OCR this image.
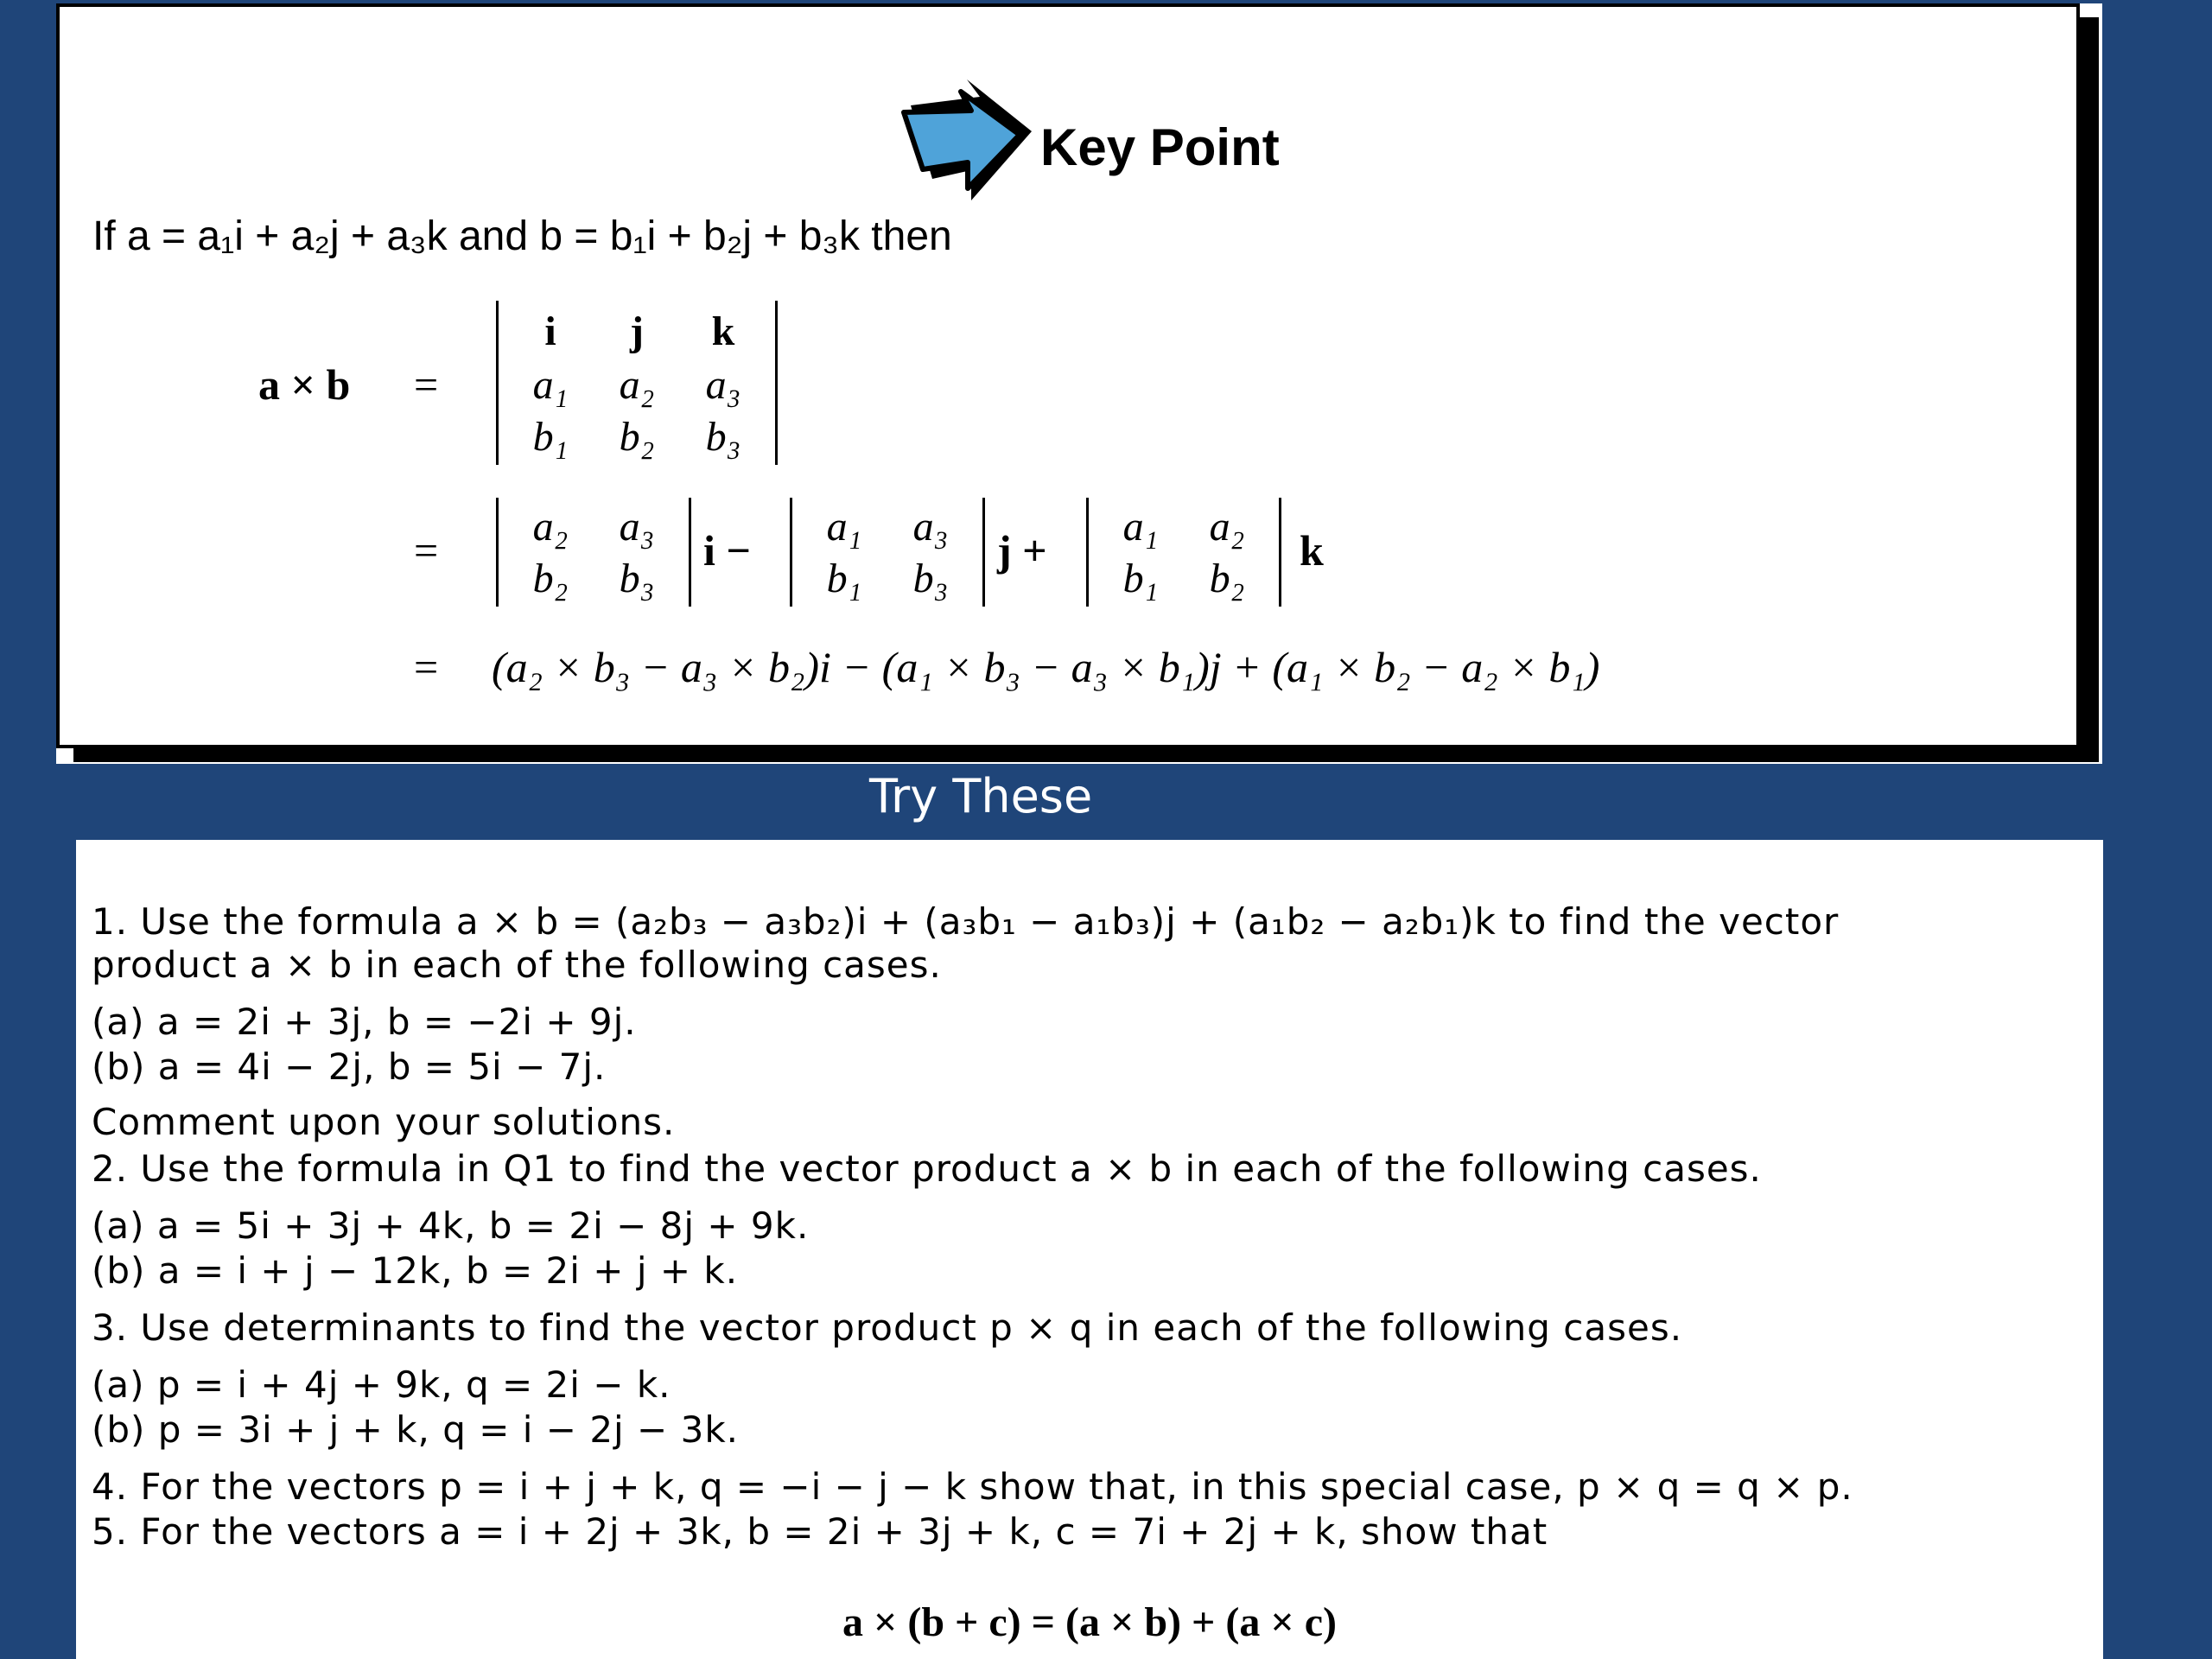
Key Point
If a = a₁i + a₂j + a₃k and b = b₁i + b₂j + b₃k then
a × b =
i	j	k
a₁	a₂	a₃
b₁	b₂	b₃
=	a₂	a₃
b₂	b₃
i −	a₁	a₃
b₁	b₃
j +	a₁	a₂
b₁	b₂
k
= (a₂ × b₃ − a₃ × b₂)i − (a₁ × b₃ − a₃ × b₁)j + (a₁ × b₂ − a₂ × b₁)
Try These
1. Use the formula a × b = (a₂b₃ − a₃b₂)i + (a₃b₁ − a₁b₃)j + (a₁b₂ − a₂b₁)k to find the vector
product a × b in each of the following cases.
(a) a = 2i + 3j, b = −2i + 9j.
(b) a = 4i − 2j, b = 5i − 7j.
Comment upon your solutions.
2. Use the formula in Q1 to find the vector product a × b in each of the following cases.
(a) a = 5i + 3j + 4k, b = 2i − 8j + 9k.
(b) a = i + j − 12k, b = 2i + j + k.
3. Use determinants to find the vector product p × q in each of the following cases.
(a) p = i + 4j + 9k, q = 2i − k.
(b) p = 3i + j + k, q = i − 2j − 3k.
4. For the vectors p = i + j + k, q = −i − j − k show that, in this special case, p × q = q × p.
5. For the vectors a = i + 2j + 3k, b = 2i + 3j + k, c = 7i + 2j + k, show that
a × (b + c) = (a × b) + (a × c)
